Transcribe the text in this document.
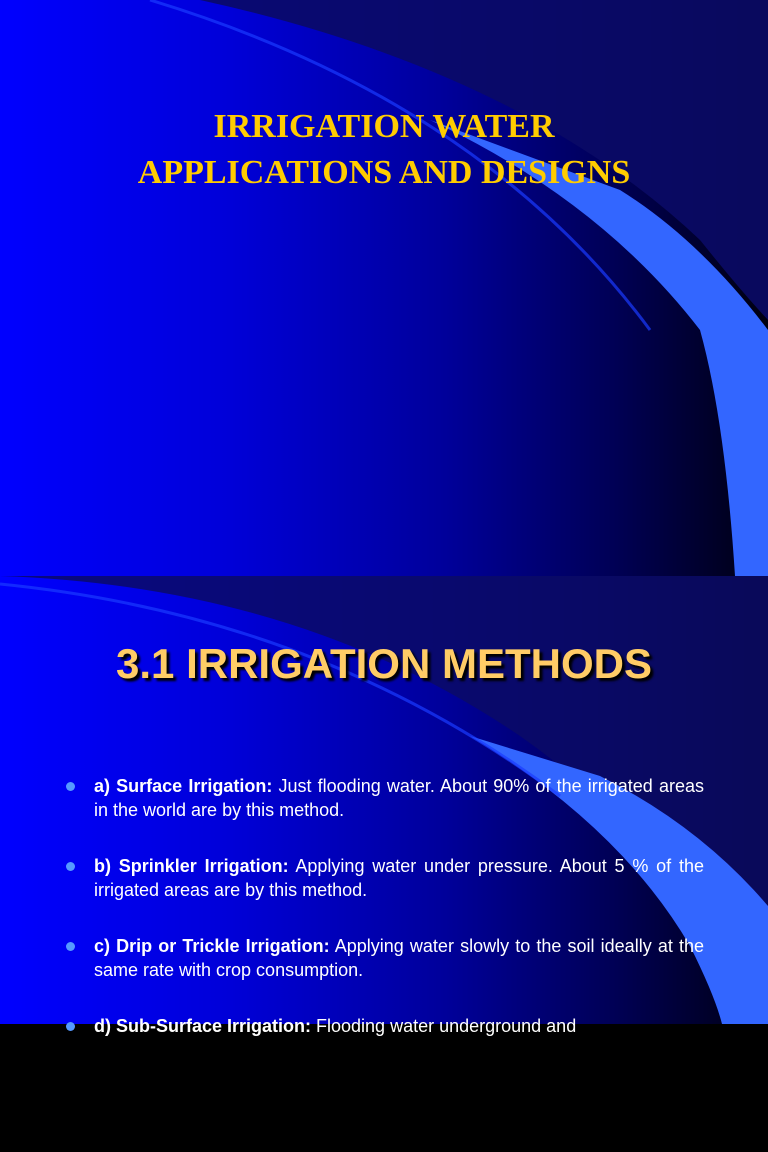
IRRIGATION WATER
APPLICATIONS AND DESIGNS
3.1 IRRIGATION METHODS
a) Surface Irrigation: Just flooding water. About 90% of the irrigated areas in the world are by this method.
b) Sprinkler Irrigation: Applying water under pressure. About 5 % of the irrigated areas are by this method.
c) Drip or Trickle Irrigation: Applying water slowly to the soil ideally at the same rate with crop consumption.
d) Sub-Surface Irrigation: Flooding water underground and
